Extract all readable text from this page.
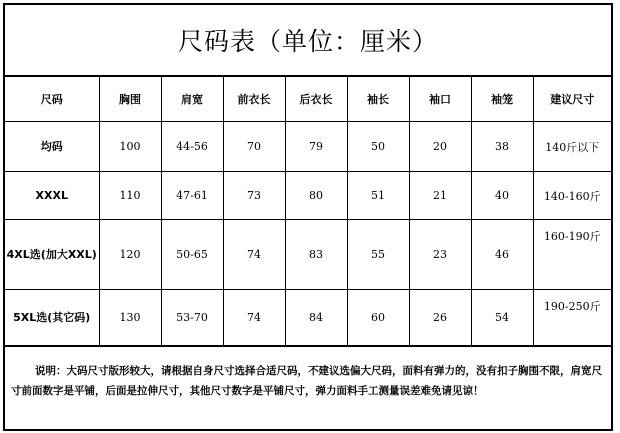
尺码表（单位：厘米）
尺码	胸围	肩宽	前衣长	后衣长	袖长	袖口	袖笼	建议尺寸
均码	100	44-56	70	79	50	20	38	140斤以下
XXXL	110	47-61	73	80	51	21	40	140-160斤
4XL选(加大XXL)	120	50-65	74	83	55	23	46	160-190斤
5XL选(其它码)	130	53-70	74	84	60	26	54	190-250斤
说明：大码尺寸版形较大，请根据自身尺寸选择合适尺码，不建议选偏大尺码，面料有弹力的，没有扣子胸围不限，肩宽尺寸前面数字是平铺，后面是拉伸尺寸，其他尺寸数字是平铺尺寸，弹力面料手工测量误差难免请见谅！
